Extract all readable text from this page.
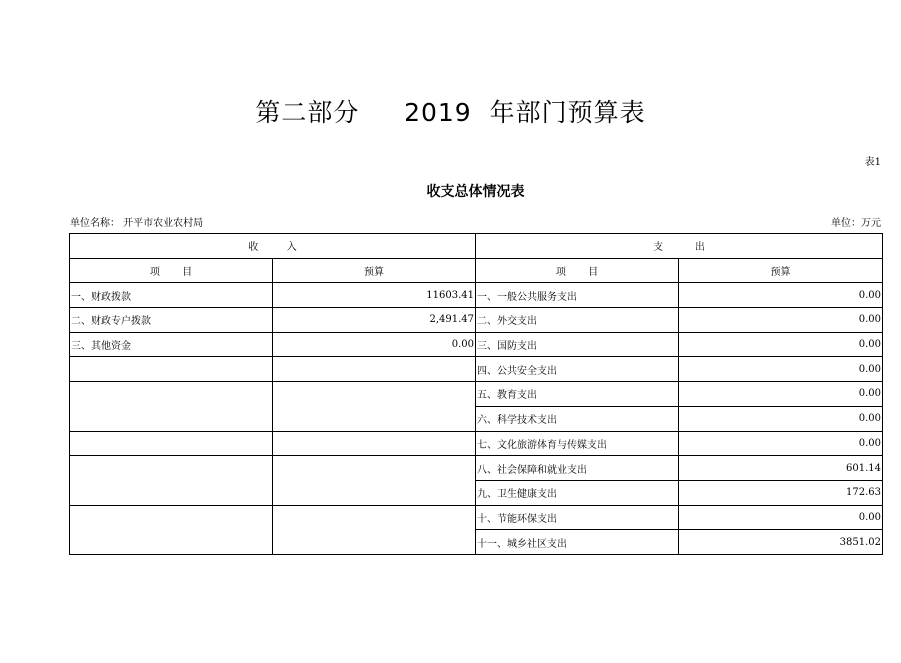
第二部分     2019  年部门预算表
表1
收支总体情况表
单位名称： 开平市农业农村局	单位：万元
收         入		支          出	
项       目	预算	项       目	预算
一、财政拨款	11603.41	一、一般公共服务支出	0.00
二、财政专户拨款	2,491.47	二、外交支出	0.00
三、其他资金	0.00	三、国防支出	0.00
		四、公共安全支出	0.00
		五、教育支出	0.00
		六、科学技术支出	0.00
		七、文化旅游体育与传媒支出	0.00
		八、社会保障和就业支出	601.14
		九、卫生健康支出	172.63
		十、节能环保支出	0.00
		十一、城乡社区支出	3851.02
